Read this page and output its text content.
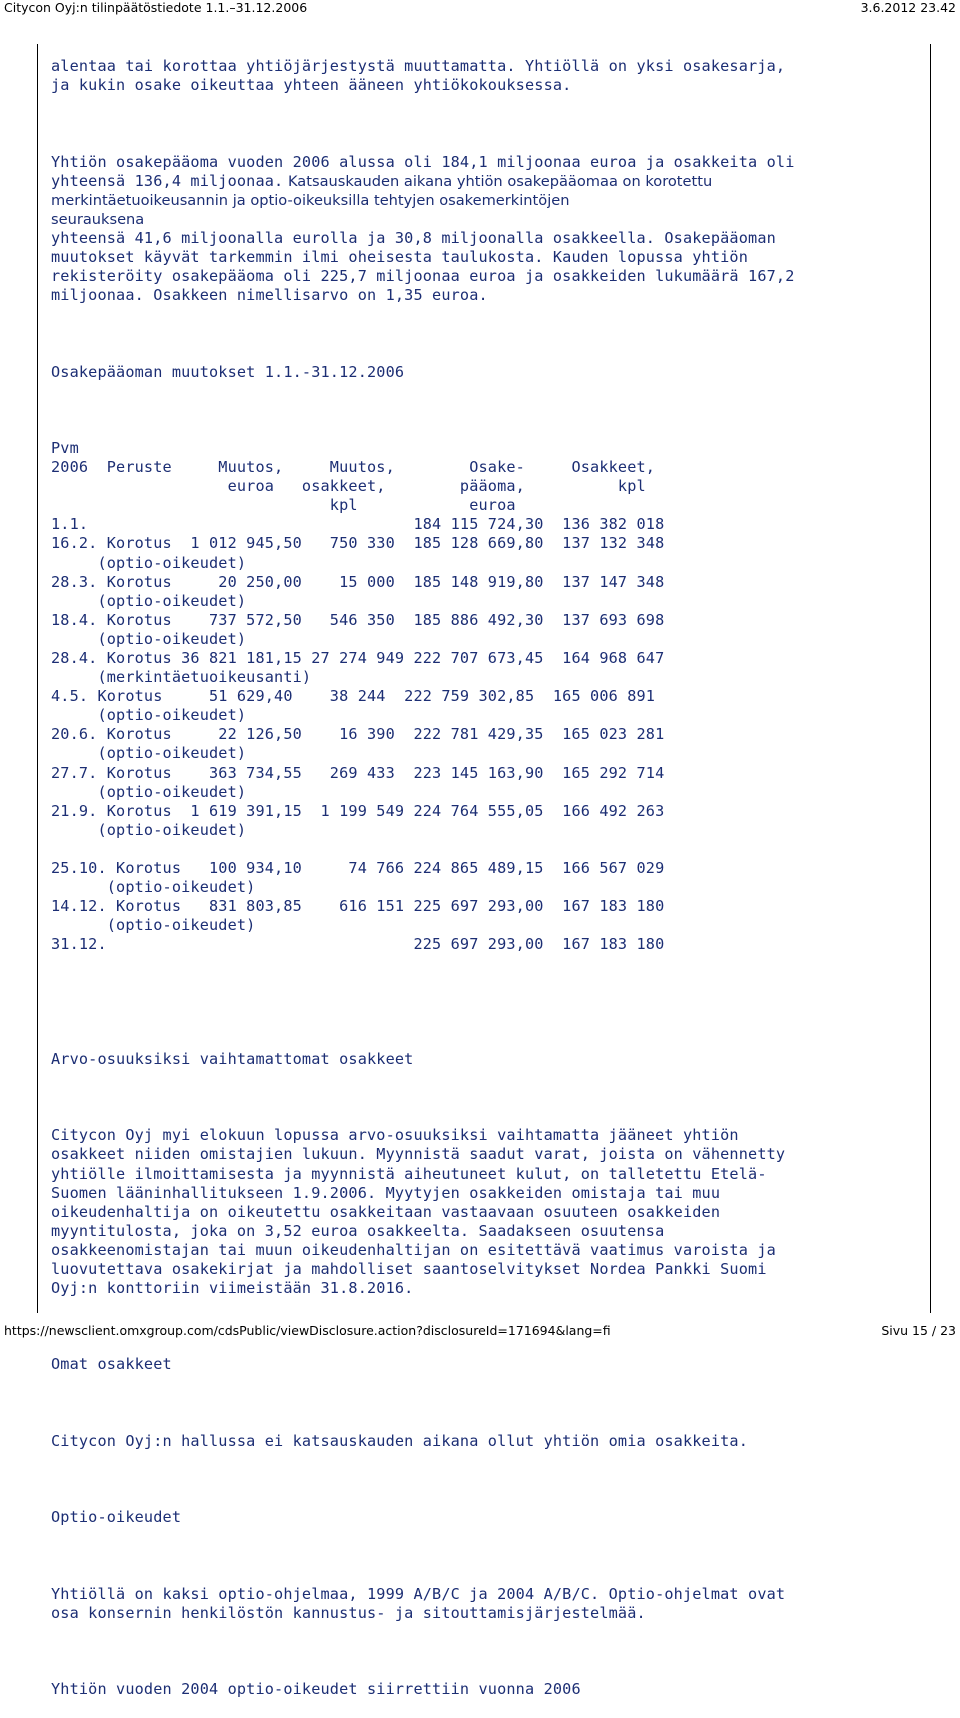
Citycon Oyj:n tilinpäätöstiedote 1.1.–31.12.2006	3.6.2012 23.42

alentaa tai korottaa yhtiöjärjestystä muuttamatta. Yhtiöllä on yksi osakesarja,
ja kukin osake oikeuttaa yhteen ääneen yhtiökokouksessa.

Yhtiön osakepääoma vuoden 2006 alussa oli 184,1 miljoonaa euroa ja osakkeita oli
yhteensä 136,4 miljoonaa. Katsauskauden aikana yhtiön osakepääomaa on korotettu
merkintäetuoikeusannin ja optio-oikeuksilla tehtyjen osakemerkintöjen
seurauksena
yhteensä 41,6 miljoonalla eurolla ja 30,8 miljoonalla osakkeella. Osakepääoman
muutokset käyvät tarkemmin ilmi oheisesta taulukosta. Kauden lopussa yhtiön
rekisteröity osakepääoma oli 225,7 miljoonaa euroa ja osakkeiden lukumäärä 167,2
miljoonaa. Osakkeen nimellisarvo on 1,35 euroa.

Osakepääoman muutokset 1.1.-31.12.2006

Pvm
2006  Peruste     Muutos,     Muutos,        Osake-     Osakkeet,
euroa   osakkeet,        pääoma,          kpl
kpl            euroa
1.1.                                   184 115 724,30  136 382 018
16.2. Korotus  1 012 945,50   750 330  185 128 669,80  137 132 348
(optio-oikeudet)
28.3. Korotus     20 250,00    15 000  185 148 919,80  137 147 348
(optio-oikeudet)
18.4. Korotus    737 572,50   546 350  185 886 492,30  137 693 698
(optio-oikeudet)
28.4. Korotus 36 821 181,15 27 274 949 222 707 673,45  164 968 647
(merkintäetuoikeusanti)
4.5. Korotus     51 629,40    38 244  222 759 302,85  165 006 891
(optio-oikeudet)
20.6. Korotus     22 126,50    16 390  222 781 429,35  165 023 281
(optio-oikeudet)
27.7. Korotus    363 734,55   269 433  223 145 163,90  165 292 714
(optio-oikeudet)
21.9. Korotus  1 619 391,15  1 199 549 224 764 555,05  166 492 263
(optio-oikeudet)

25.10. Korotus   100 934,10     74 766 224 865 489,15  166 567 029
(optio-oikeudet)
14.12. Korotus   831 803,85    616 151 225 697 293,00  167 183 180
(optio-oikeudet)
31.12.                                 225 697 293,00  167 183 180

Arvo-osuuksiksi vaihtamattomat osakkeet

Citycon Oyj myi elokuun lopussa arvo-osuuksiksi vaihtamatta jääneet yhtiön
osakkeet niiden omistajien lukuun. Myynnistä saadut varat, joista on vähennetty
yhtiölle ilmoittamisesta ja myynnistä aiheutuneet kulut, on talletettu Etelä-
Suomen lääninhallitukseen 1.9.2006. Myytyjen osakkeiden omistaja tai muu
oikeudenhaltija on oikeutettu osakkeitaan vastaavaan osuuteen osakkeiden
myyntitulosta, joka on 3,52 euroa osakkeelta. Saadakseen osuutensa
osakkeenomistajan tai muun oikeudenhaltijan on esitettävä vaatimus varoista ja
luovutettava osakekirjat ja mahdolliset saantoselvitykset Nordea Pankki Suomi
Oyj:n konttoriin viimeistään 31.8.2016.

Omat osakkeet

Citycon Oyj:n hallussa ei katsauskauden aikana ollut yhtiön omia osakkeita.

Optio-oikeudet

Yhtiöllä on kaksi optio-ohjelmaa, 1999 A/B/C ja 2004 A/B/C. Optio-ohjelmat ovat
osa konsernin henkilöstön kannustus- ja sitouttamisjärjestelmää.

Yhtiön vuoden 2004 optio-oikeudet siirrettiin vuonna 2006

https://newsclient.omxgroup.com/cdsPublic/viewDisclosure.action?disclosureId=171694&lang=fi	Sivu 15 / 23
